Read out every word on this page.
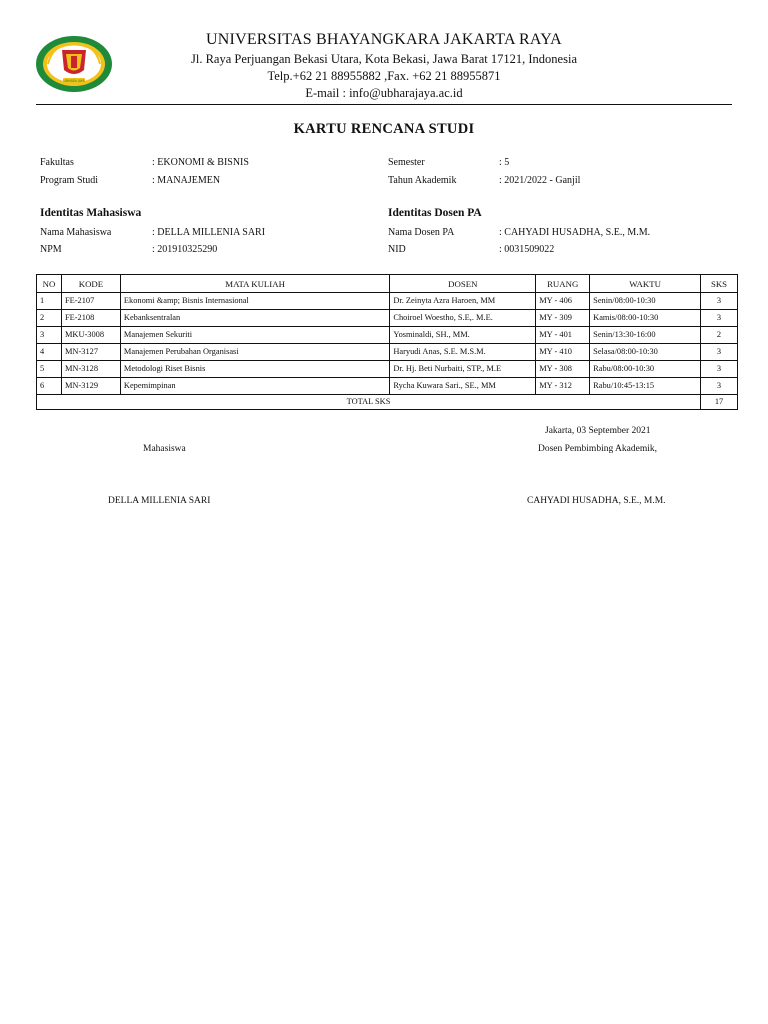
UBHARA JAYA
UNIVERSITAS BHAYANGKARA JAKARTA RAYA
Jl. Raya Perjuangan Bekasi Utara, Kota Bekasi, Jawa Barat 17121, Indonesia
Telp.+62 21 88955882 ,Fax. +62 21 88955871
E-mail : info@ubharajaya.ac.id
KARTU RENCANA STUDI
Fakultas	: EKONOMI & BISNIS
Program Studi	: MANAJEMEN
Semester	: 5
Tahun Akademik	: 2021/2022 - Ganjil
Identitas Mahasiswa
Nama Mahasiswa	: DELLA MILLENIA SARI
NPM	: 201910325290
Identitas Dosen PA
Nama Dosen PA	: CAHYADI HUSADHA, S.E., M.M.
NID	: 0031509022
NO	KODE	MATA KULIAH	DOSEN	RUANG	WAKTU	SKS
1	FE-2107	Ekonomi &amp; Bisnis Internasional	Dr. Zeinyta Azra Haroen, MM	MY - 406	Senin/08:00-10:30	3
2	FE-2108	Kebanksentralan	Choiroel Woestho, S.E,. M.E.	MY - 309	Kamis/08:00-10:30	3
3	MKU-3008	Manajemen Sekuriti	Yosminaldi, SH., MM.	MY - 401	Senin/13:30-16:00	2
4	MN-3127	Manajemen Perubahan Organisasi	Haryudi Anas, S.E. M.S.M.	MY - 410	Selasa/08:00-10:30	3
5	MN-3128	Metodologi Riset Bisnis	Dr. Hj. Beti Nurbaiti, STP., M.E	MY - 308	Rabu/08:00-10:30	3
6	MN-3129	Kepemimpinan	Rycha Kuwara Sari., SE., MM	MY - 312	Rabu/10:45-13:15	3
TOTAL SKS						17
Jakarta, 03 September 2021
Mahasiswa	Dosen Pembimbing Akademik,
DELLA MILLENIA SARI	CAHYADI HUSADHA, S.E., M.M.
